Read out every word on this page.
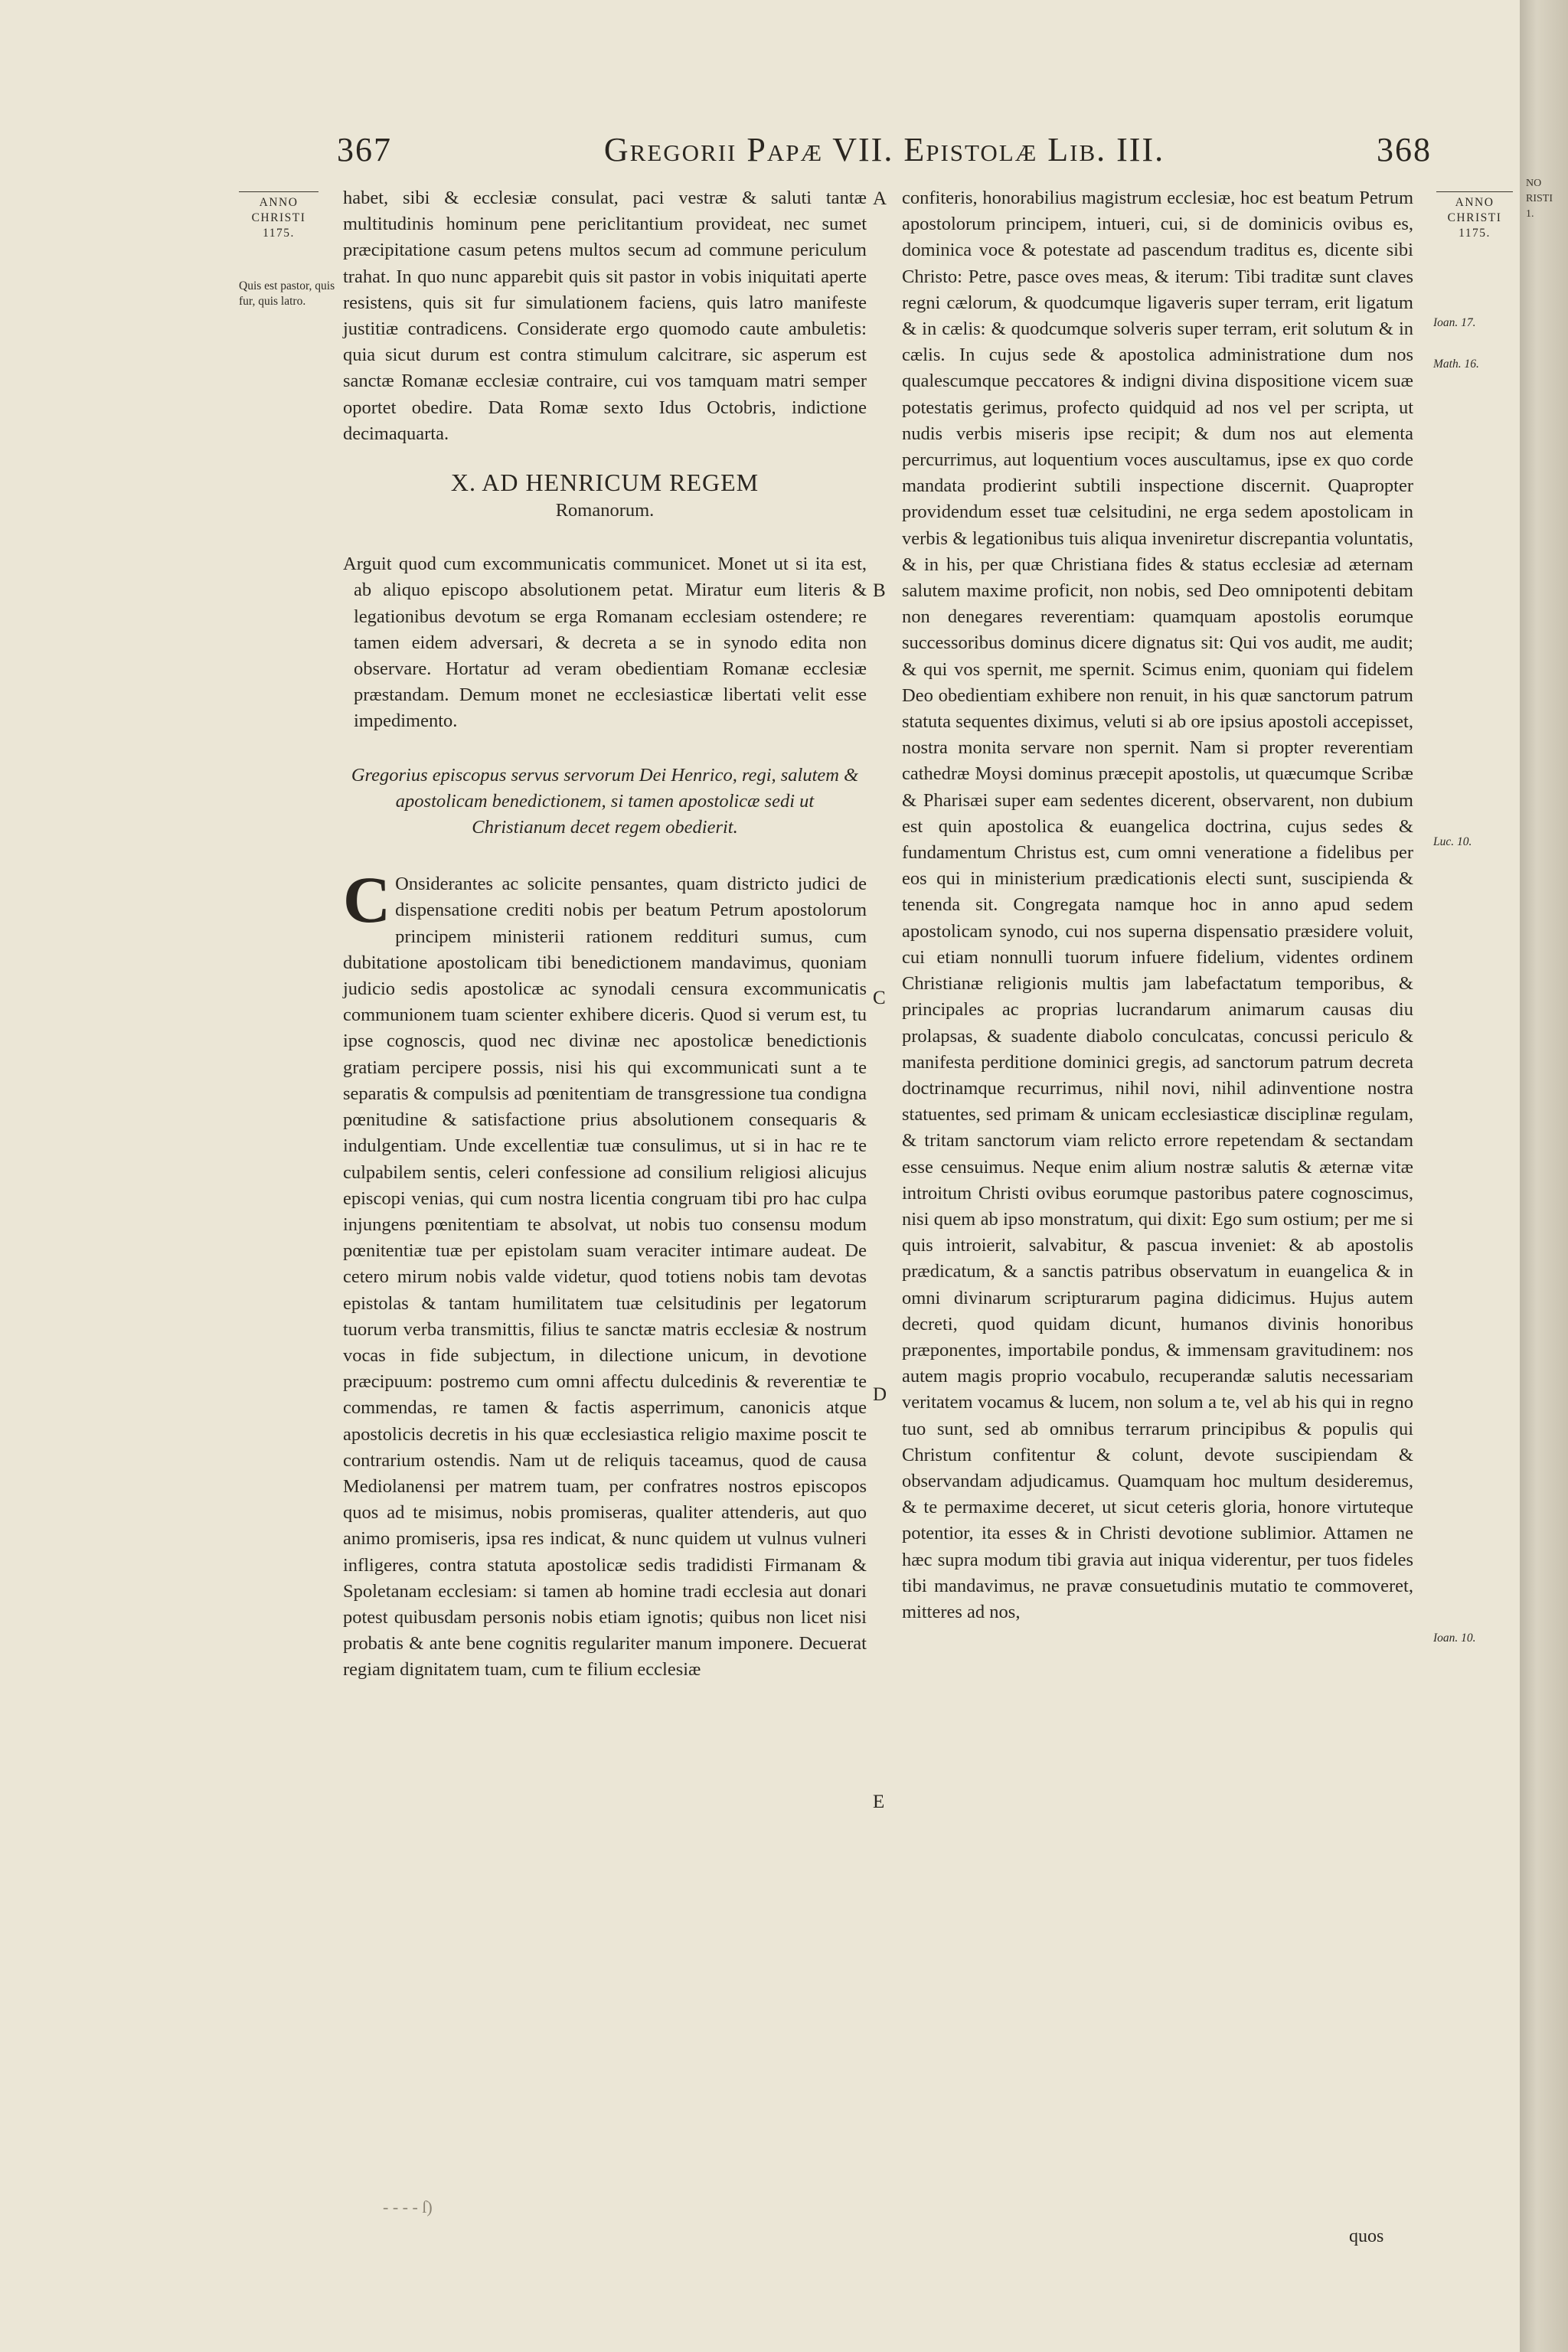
367	Gregorii Papæ VII. Epistolæ Lib. III.	368
ANNO
CHRISTI
1175.
Quis est pastor, quis fur, quis latro.
ANNO
CHRISTI
1175.
Ioan. 17.
Math. 16.
Luc. 10.
Ioan. 10.
A
B
C
D
E

habet, sibi & ecclesiæ consulat, paci vestræ & saluti tantæ multitudinis hominum pene periclitantium provideat, nec sumet præcipitatione casum petens multos secum ad commune periculum trahat. In quo nunc apparebit quis sit pastor in vobis iniquitati aperte resistens, quis sit fur simulationem faciens, quis latro manifeste justitiæ contradicens. Considerate ergo quomodo caute ambuletis: quia sicut durum est contra stimulum calcitrare, sic asperum est sanctæ Romanæ ecclesiæ contraire, cui vos tamquam matri semper oportet obedire. Data Romæ sexto Idus Octobris, indictione decimaquarta.

X. AD HENRICUM REGEM
Romanorum.

Arguit quod cum excommunicatis communicet. Monet ut si ita est, ab aliquo episcopo absolutionem petat. Miratur eum literis & legationibus devotum se erga Romanam ecclesiam ostendere; re tamen eidem adversari, & decreta a se in synodo edita non observare. Hortatur ad veram obedientiam Romanæ ecclesiæ præstandam. Demum monet ne ecclesiasticæ libertati velit esse impedimento.

Gregorius episcopus servus servorum Dei Henrico, regi, salutem & apostolicam benedictionem, si tamen apostolicæ sedi ut Christianum decet regem obedierit.

C Onsiderantes ac solicite pensantes, quam districto judici de dispensatione crediti nobis per beatum Petrum apostolorum principem ministerii rationem reddituri sumus, cum dubitatione apostolicam tibi benedictionem mandavimus, quoniam judicio sedis apostolicæ ac synodali censura excommunicatis communionem tuam scienter exhibere diceris. Quod si verum est, tu ipse cognoscis, quod nec divinæ nec apostolicæ benedictionis gratiam percipere possis, nisi his qui excommunicati sunt a te separatis & compulsis ad pœnitentiam de transgressione tua condigna pœnitudine & satisfactione prius absolutionem consequaris & indulgentiam. Unde excellentiæ tuæ consulimus, ut si in hac re te culpabilem sentis, celeri confessione ad consilium religiosi alicujus episcopi venias, qui cum nostra licentia congruam tibi pro hac culpa injungens pœnitentiam te absolvat, ut nobis tuo consensu modum pœnitentiæ tuæ per epistolam suam veraciter intimare audeat. De cetero mirum nobis valde videtur, quod totiens nobis tam devotas epistolas & tantam humilitatem tuæ celsitudinis per legatorum tuorum verba transmittis, filius te sanctæ matris ecclesiæ & nostrum vocas in fide subjectum, in dilectione unicum, in devotione præcipuum: postremo cum omni affectu dulcedinis & reverentiæ te commendas, re tamen & factis asperrimum, canonicis atque apostolicis decretis in his quæ ecclesiastica religio maxime poscit te contrarium ostendis. Nam ut de reliquis taceamus, quod de causa Mediolanensi per matrem tuam, per confratres nostros episcopos quos ad te misimus, nobis promiseras, qualiter attenderis, aut quo animo promiseris, ipsa res indicat, & nunc quidem ut vulnus vulneri infligeres, contra statuta apostolicæ sedis tradidisti Firmanam & Spoletanam ecclesiam: si tamen ab homine tradi ecclesia aut donari potest quibusdam personis nobis etiam ignotis; quibus non licet nisi probatis & ante bene cognitis regulariter manum imponere. Decuerat regiam dignitatem tuam, cum te filium ecclesiæ

confiteris, honorabilius magistrum ecclesiæ, hoc est beatum Petrum apostolorum principem, intueri, cui, si de dominicis ovibus es, dominica voce & potestate ad pascendum traditus es, dicente sibi Christo: Petre, pasce oves meas, & iterum: Tibi traditæ sunt claves regni cælorum, & quodcumque ligaveris super terram, erit ligatum & in cælis: & quodcumque solveris super terram, erit solutum & in cælis. In cujus sede & apostolica administratione dum nos qualescumque peccatores & indigni divina dispositione vicem suæ potestatis gerimus, profecto quidquid ad nos vel per scripta, ut nudis verbis miseris ipse recipit; & dum nos aut elementa percurrimus, aut loquentium voces auscultamus, ipse ex quo corde mandata prodierint subtili inspectione discernit. Quapropter providendum esset tuæ celsitudini, ne erga sedem apostolicam in verbis & legationibus tuis aliqua inveniretur discrepantia voluntatis, & in his, per quæ Christiana fides & status ecclesiæ ad æternam salutem maxime proficit, non nobis, sed Deo omnipotenti debitam non denegares reverentiam: quamquam apostolis eorumque successoribus dominus dicere dignatus sit: Qui vos audit, me audit; & qui vos spernit, me spernit. Scimus enim, quoniam qui fidelem Deo obedientiam exhibere non renuit, in his quæ sanctorum patrum statuta sequentes diximus, veluti si ab ore ipsius apostoli accepisset, nostra monita servare non spernit. Nam si propter reverentiam cathedræ Moysi dominus præcepit apostolis, ut quæcumque Scribæ & Pharisæi super eam sedentes dicerent, observarent, non dubium est quin apostolica & euangelica doctrina, cujus sedes & fundamentum Christus est, cum omni veneratione a fidelibus per eos qui in ministerium prædicationis electi sunt, suscipienda & tenenda sit. Congregata namque hoc in anno apud sedem apostolicam synodo, cui nos superna dispensatio præsidere voluit, cui etiam nonnulli tuorum infuere fidelium, videntes ordinem Christianæ religionis multis jam labefactatum temporibus, & principales ac proprias lucrandarum animarum causas diu prolapsas, & suadente diabolo conculcatas, concussi periculo & manifesta perditione dominici gregis, ad sanctorum patrum decreta doctrinamque recurrimus, nihil novi, nihil adinventione nostra statuentes, sed primam & unicam ecclesiasticæ disciplinæ regulam, & tritam sanctorum viam relicto errore repetendam & sectandam esse censuimus. Neque enim alium nostræ salutis & æternæ vitæ introitum Christi ovibus eorumque pastoribus patere cognoscimus, nisi quem ab ipso monstratum, qui dixit: Ego sum ostium; per me si quis introierit, salvabitur, & pascua inveniet: & ab apostolis prædicatum, & a sanctis patribus observatum in euangelica & in omni divinarum scripturarum pagina didicimus. Hujus autem decreti, quod quidam dicunt, humanos divinis honoribus præponentes, importabile pondus, & immensam gravitudinem: nos autem magis proprio vocabulo, recuperandæ salutis necessariam veritatem vocamus & lucem, non solum a te, vel ab his qui in regno tuo sunt, sed ab omnibus terrarum principibus & populis qui Christum confitentur & colunt, devote suscipiendam & observandam adjudicamus. Quamquam hoc multum desideremus, & te permaxime deceret, ut sicut ceteris gloria, honore virtuteque potentior, ita esses & in Christi devotione sublimior. Attamen ne hæc supra modum tibi gravia aut iniqua viderentur, per tuos fideles tibi mandavimus, ne pravæ consuetudinis mutatio te commoveret, mitteres ad nos,

quos
- - - - ſ)
NO
RISTI
1.
